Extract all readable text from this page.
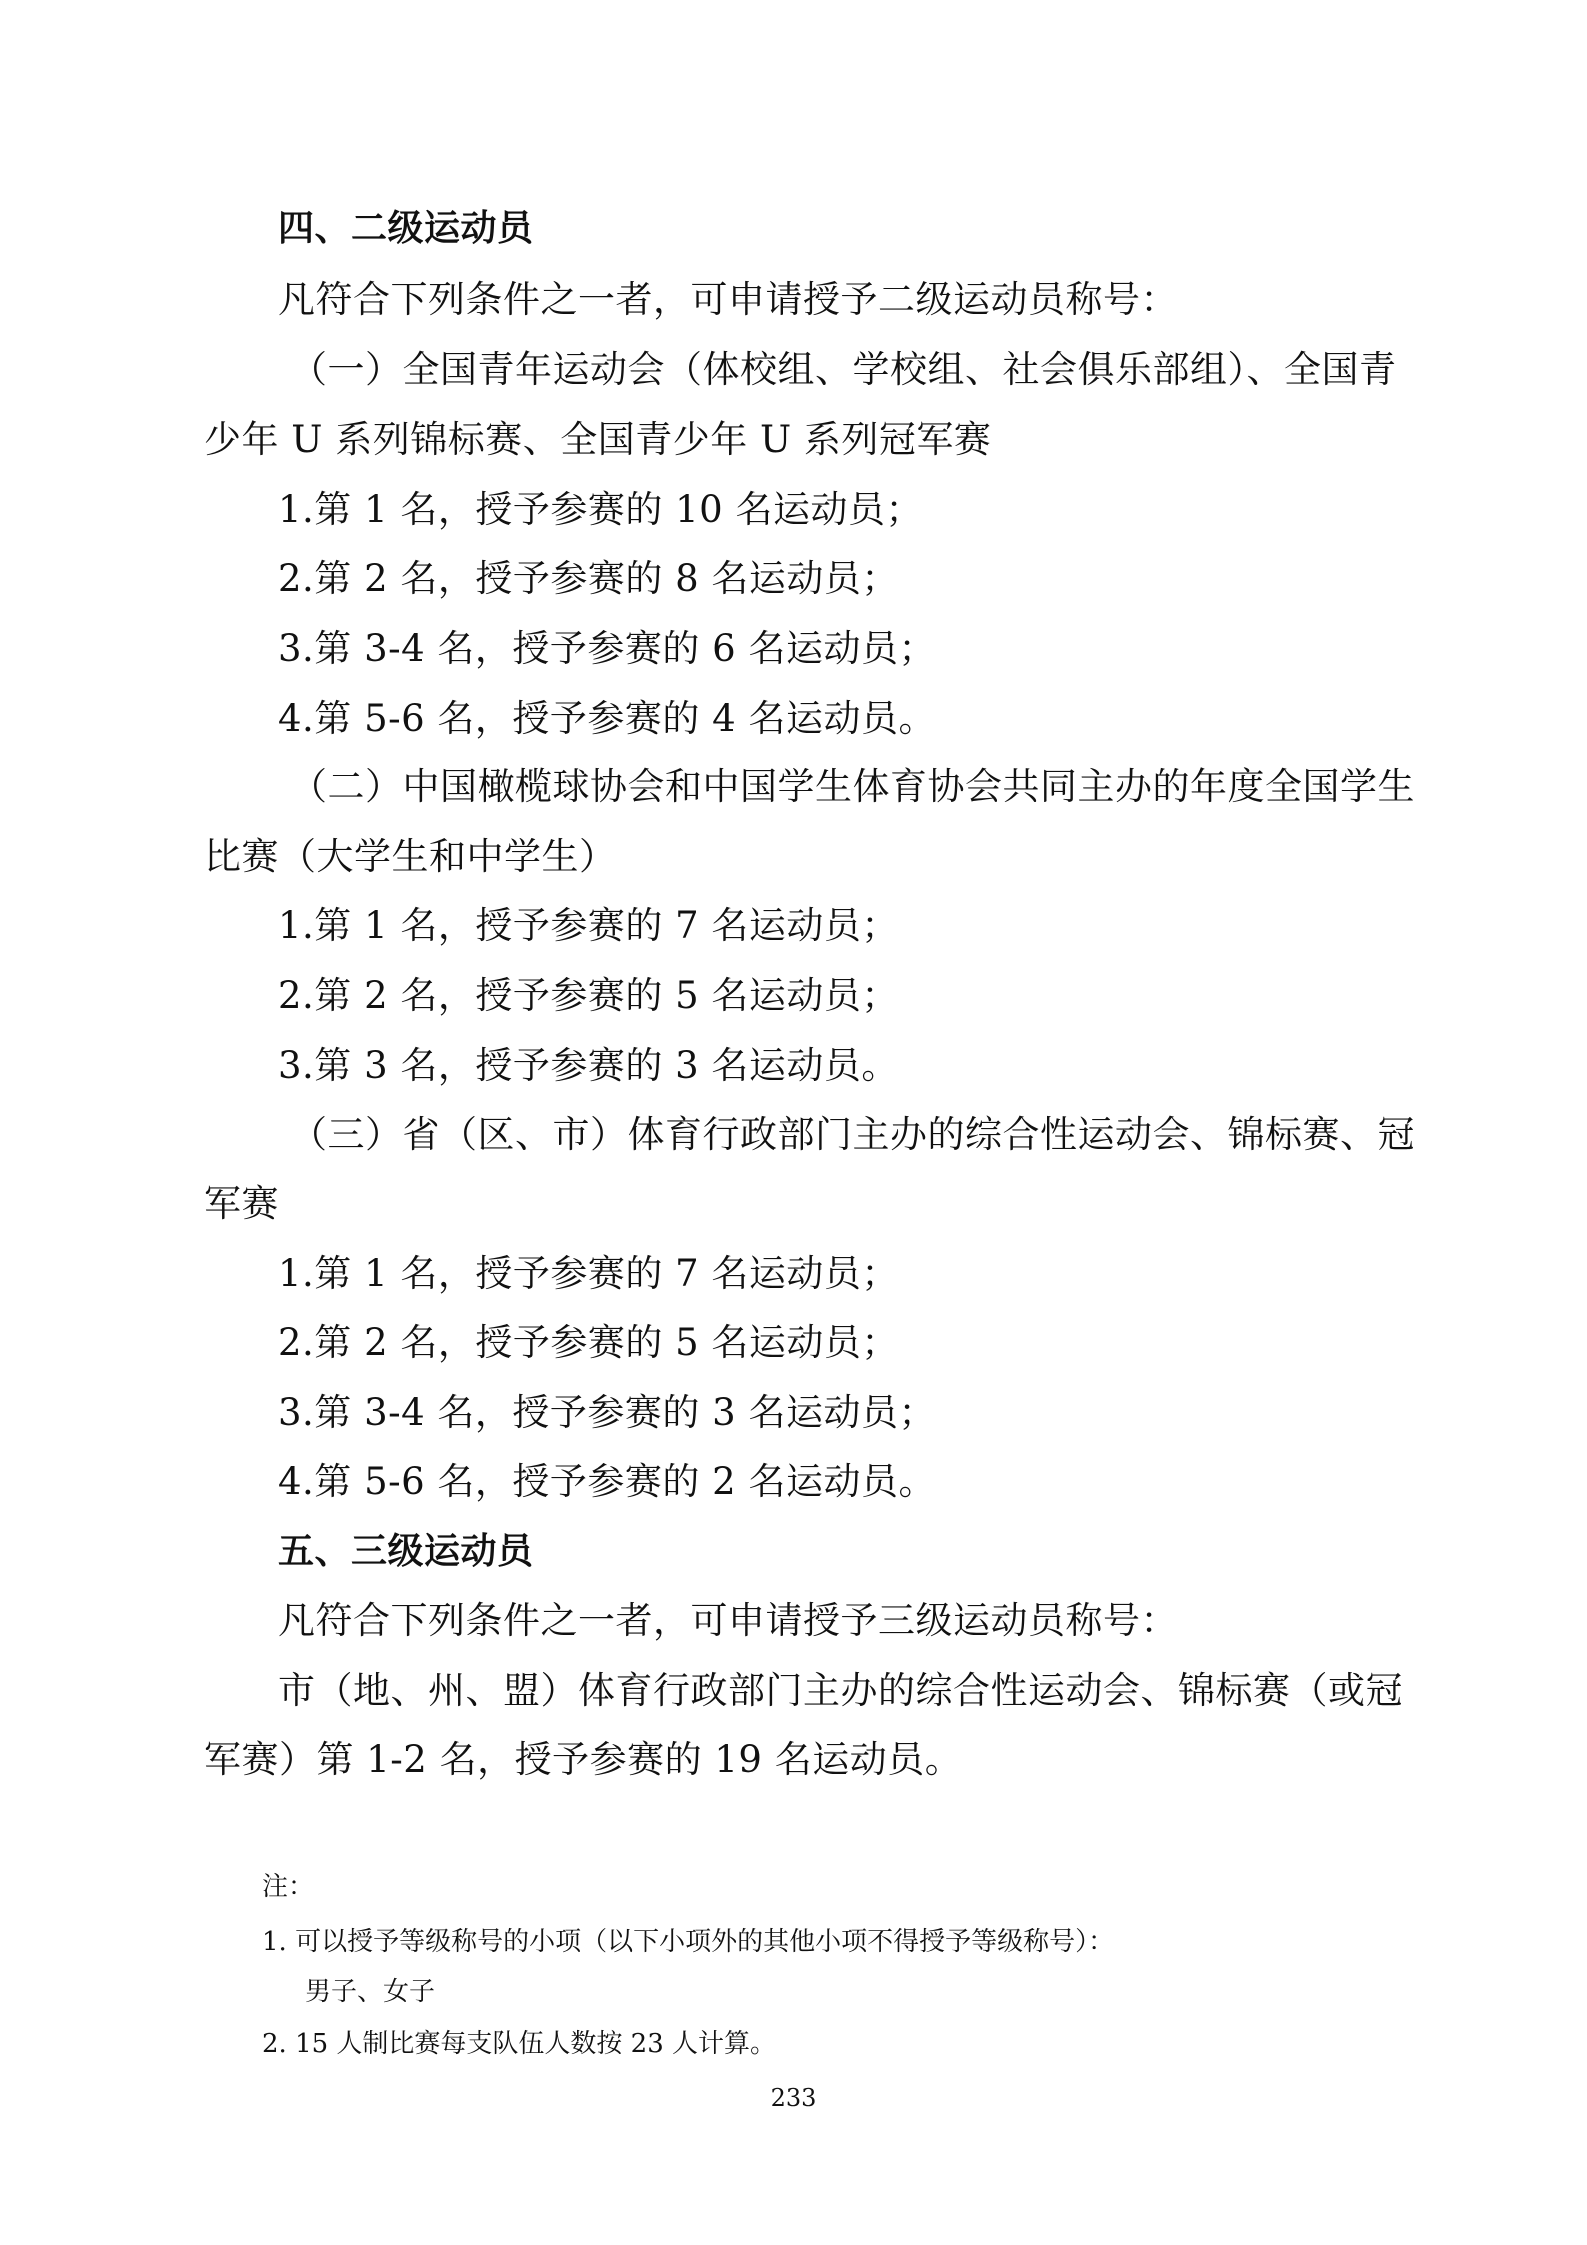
四、二级运动员
凡符合下列条件之一者，可申请授予二级运动员称号：
（一）全国青年运动会（体校组、学校组、社会俱乐部组）、全国青
少年 U 系列锦标赛、全国青少年 U 系列冠军赛
1.第 1 名，授予参赛的 10 名运动员；
2.第 2 名，授予参赛的 8 名运动员；
3.第 3-4 名，授予参赛的 6 名运动员；
4.第 5-6 名，授予参赛的 4 名运动员。
（二）中国橄榄球协会和中国学生体育协会共同主办的年度全国学生
比赛（大学生和中学生）
1.第 1 名，授予参赛的 7 名运动员；
2.第 2 名，授予参赛的 5 名运动员；
3.第 3 名，授予参赛的 3 名运动员。
（三）省（区、市）体育行政部门主办的综合性运动会、锦标赛、冠
军赛
1.第 1 名，授予参赛的 7 名运动员；
2.第 2 名，授予参赛的 5 名运动员；
3.第 3-4 名，授予参赛的 3 名运动员；
4.第 5-6 名，授予参赛的 2 名运动员。
五、三级运动员
凡符合下列条件之一者，可申请授予三级运动员称号：
市（地、州、盟）体育行政部门主办的综合性运动会、锦标赛（或冠
军赛）第 1-2 名，授予参赛的 19 名运动员。
注：
1. 可以授予等级称号的小项（以下小项外的其他小项不得授予等级称号）：
男子、女子
2. 15 人制比赛每支队伍人数按 23 人计算。
233
